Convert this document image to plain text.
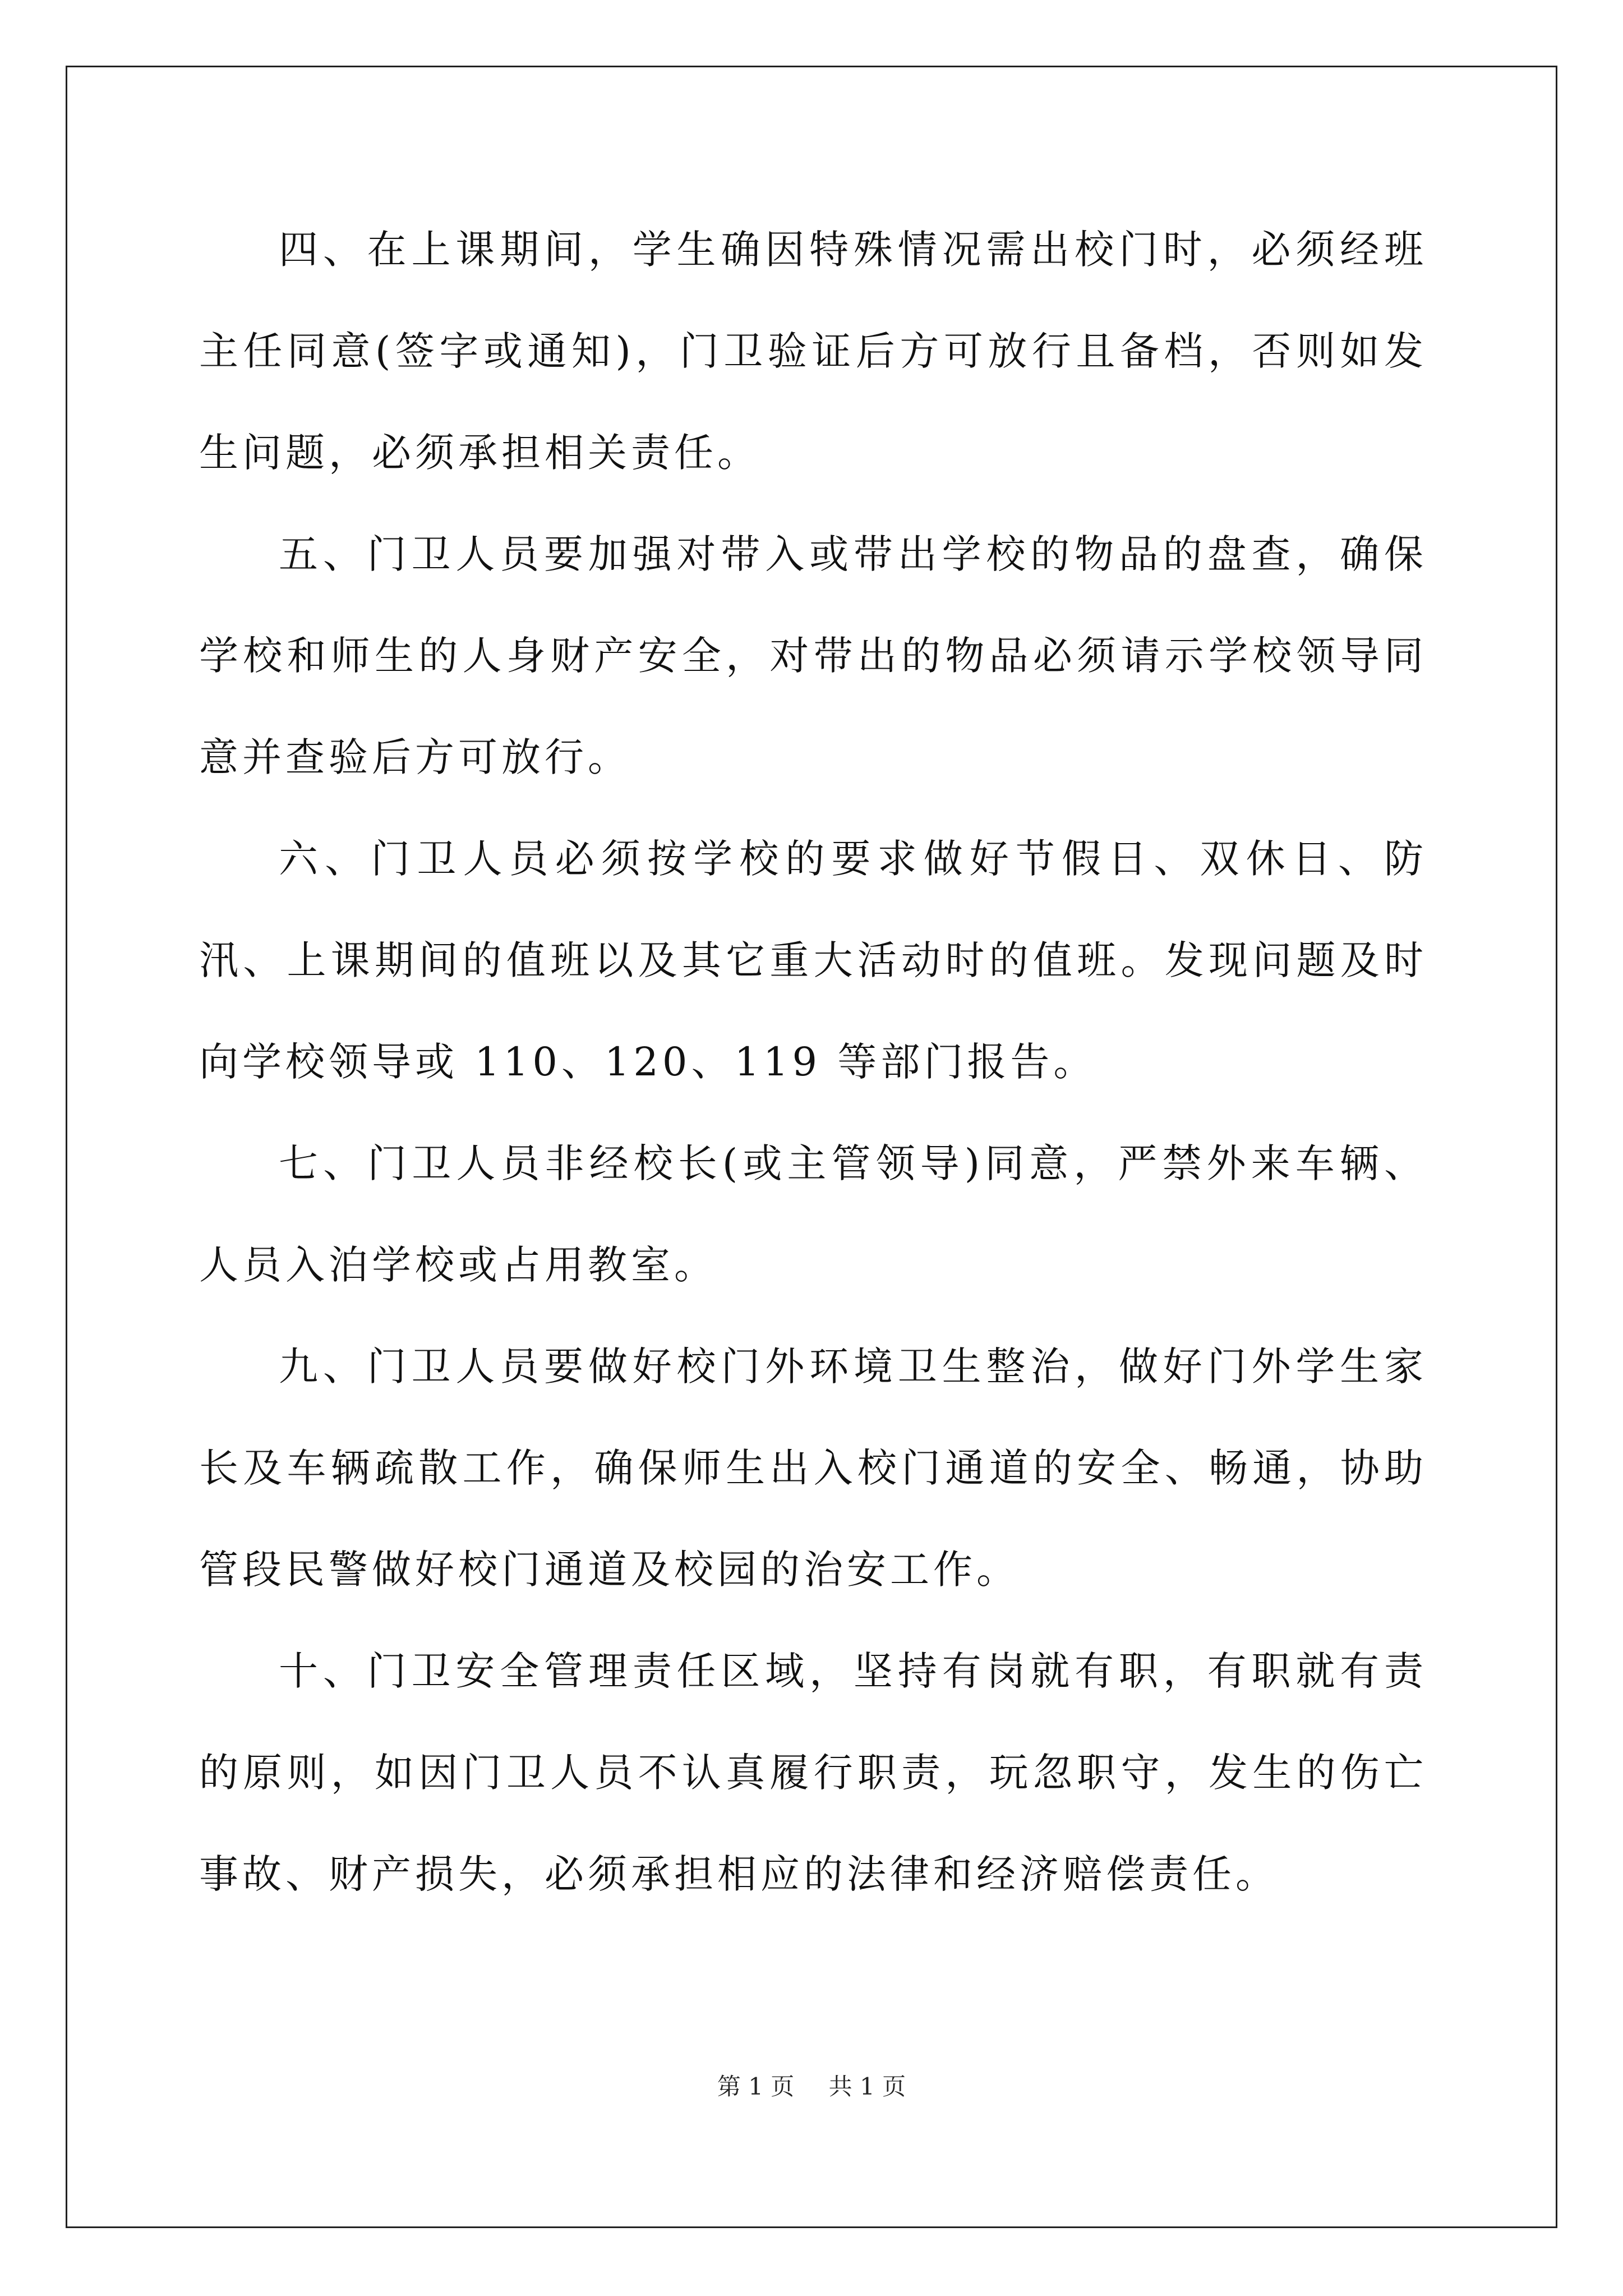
四、在上课期间，学生确因特殊情况需出校门时，必须经班主任同意(签字或通知)，门卫验证后方可放行且备档，否则如发生问题，必须承担相关责任。

五、门卫人员要加强对带入或带出学校的物品的盘查，确保学校和师生的人身财产安全，对带出的物品必须请示学校领导同意并查验后方可放行。

六、门卫人员必须按学校的要求做好节假日、双休日、防汛、上课期间的值班以及其它重大活动时的值班。发现问题及时向学校领导或 110、120、119 等部门报告。

七、门卫人员非经校长(或主管领导)同意，严禁外来车辆、人员入泊学校或占用教室。

九、门卫人员要做好校门外环境卫生整治，做好门外学生家长及车辆疏散工作，确保师生出入校门通道的安全、畅通，协助管段民警做好校门通道及校园的治安工作。

十、门卫安全管理责任区域，坚持有岗就有职，有职就有责的原则，如因门卫人员不认真履行职责，玩忽职守，发生的伤亡事故、财产损失，必须承担相应的法律和经济赔偿责任。

第 1 页 共 1 页
